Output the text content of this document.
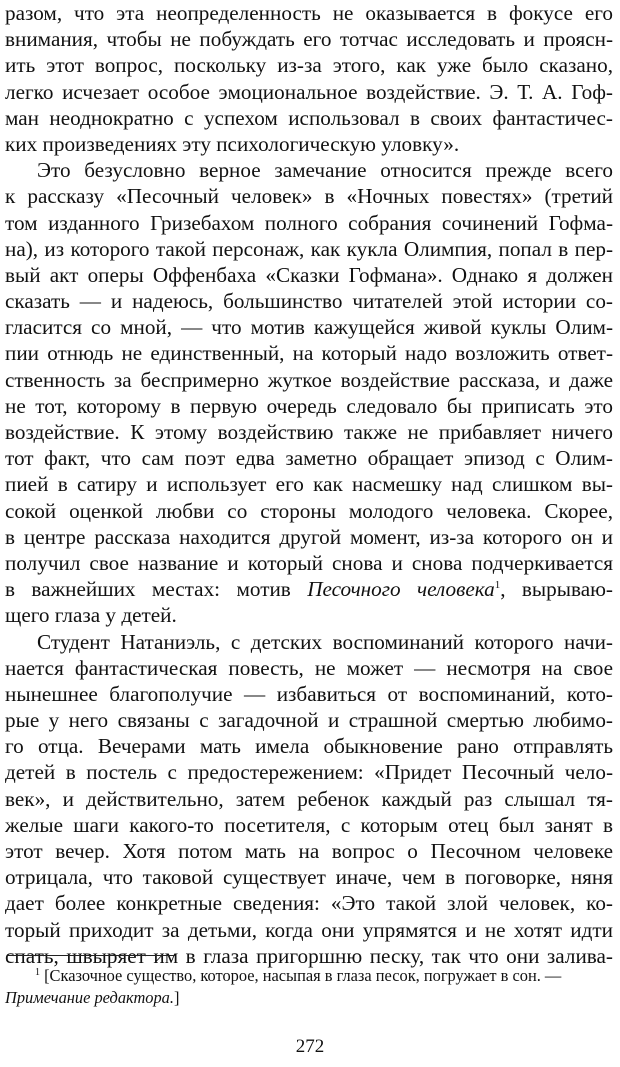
разом, что эта неопределенность не оказывается в фокусе его
внимания, чтобы не побуждать его тотчас исследовать и проясн-
ить этот вопрос, поскольку из-за этого, как уже было сказано,
легко исчезает особое эмоциональное воздействие. Э. Т. А. Гоф-
ман неоднократно с успехом использовал в своих фантастичес-
ких произведениях эту психологическую уловку».
Это безусловно верное замечание относится прежде всего
к рассказу «Песочный человек» в «Ночных повестях» (третий
том изданного Гризебахом полного собрания сочинений Гофма-
на), из которого такой персонаж, как кукла Олимпия, попал в пер-
вый акт оперы Оффенбаха «Сказки Гофмана». Однако я должен
сказать — и надеюсь, большинство читателей этой истории со-
гласится со мной, — что мотив кажущейся живой куклы Олим-
пии отнюдь не единственный, на который надо возложить ответ-
ственность за беспримерно жуткое воздействие рассказа, и даже
не тот, которому в первую очередь следовало бы приписать это
воздействие. К этому воздействию также не прибавляет ничего
тот факт, что сам поэт едва заметно обращает эпизод с Олим-
пией в сатиру и использует его как насмешку над слишком вы-
сокой оценкой любви со стороны молодого человека. Скорее,
в центре рассказа находится другой момент, из-за которого он и
получил свое название и который снова и снова подчеркивается
в важнейших местах: мотив Песочного человека$^1$, вырываю-
щего глаза у детей.
Студент Натаниэль, с детских воспоминаний которого начи-
нается фантастическая повесть, не может — несмотря на свое
нынешнее благополучие — избавиться от воспоминаний, кото-
рые у него связаны с загадочной и страшной смертью любимо-
го отца. Вечерами мать имела обыкновение рано отправлять
детей в постель с предостережением: «Придет Песочный чело-
век», и действительно, затем ребенок каждый раз слышал тя-
желые шаги какого-то посетителя, с которым отец был занят в
этот вечер. Хотя потом мать на вопрос о Песочном человеке
отрицала, что таковой существует иначе, чем в поговорке, няня
дает более конкретные сведения: «Это такой злой человек, ко-
торый приходит за детьми, когда они упрямятся и не хотят идти
спать, швыряет им в глаза пригоршню песку, так что они залива-
$^1$ [Сказочное существо, которое, насыпая в глаза песок, погружает в сон. —
Примечание редактора.]
272
